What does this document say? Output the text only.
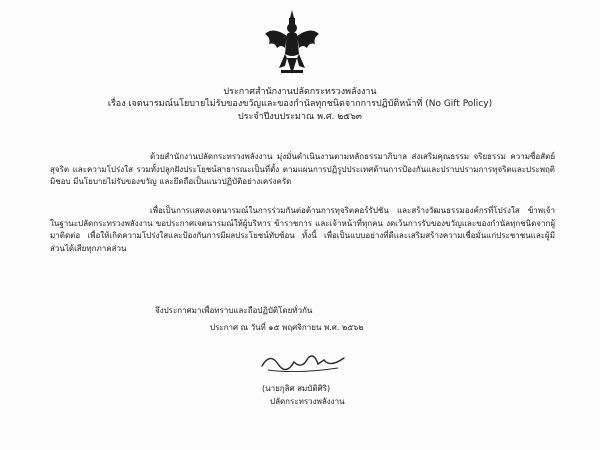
ประกาศสำนักงานปลัดกระทรวงพลังงาน
เรื่อง เจตนารมณ์นโยบายไม่รับของขวัญและของกำนัลทุกชนิดจากการปฏิบัติหน้าที่ (No Gift Policy)
ประจำปีงบประมาณ พ.ศ. ๒๕๖๓
ด้วยสำนักงานปลัดกระทรวงพลังงาน มุ่งมั่นดำเนินงานตามหลักธรรมาภิบาล ส่งเสริมคุณธรรม จริยธรรม ความซื่อสัตย์สุจริต และความโปร่งใส รวมทั้งปลูกฝังประโยชน์สาธารณะเป็นที่ตั้ง ตามแผนการปฏิรูปประเทศด้านการป้องกันและปราบปรามการทุจริตและประพฤติมิชอบ มีนโยบายไม่รับของขวัญ และยึดถือเป็นแนวปฏิบัติอย่างเคร่งครัด
เพื่อเป็นการแสดงเจตนารมณ์ในการร่วมกันต่อต้านการทุจริตคอร์รัปชัน และสร้างวัฒนธรรมองค์กรที่โปร่งใส ข้าพเจ้า ในฐานะปลัดกระทรวงพลังงาน ขอประกาศเจตนารมณ์ให้ผู้บริหาร ข้าราชการ และเจ้าหน้าที่ทุกคน งดเว้นการรับของขวัญและของกำนัลทุกชนิดจากผู้มาติดต่อ เพื่อให้เกิดความโปร่งใสและป้องกันการมีผลประโยชน์ทับซ้อน ทั้งนี้ เพื่อเป็นแบบอย่างที่ดีและเสริมสร้างความเชื่อมั่นแก่ประชาชนและผู้มีส่วนได้เสียทุกภาคส่วน
จึงประกาศมาเพื่อทราบและถือปฏิบัติโดยทั่วกัน
ประกาศ ณ วันที่ ๑๕ พฤศจิกายน พ.ศ. ๒๕๖๒
(นายกุลิศ สมบัติศิริ)
ปลัดกระทรวงพลังงาน
